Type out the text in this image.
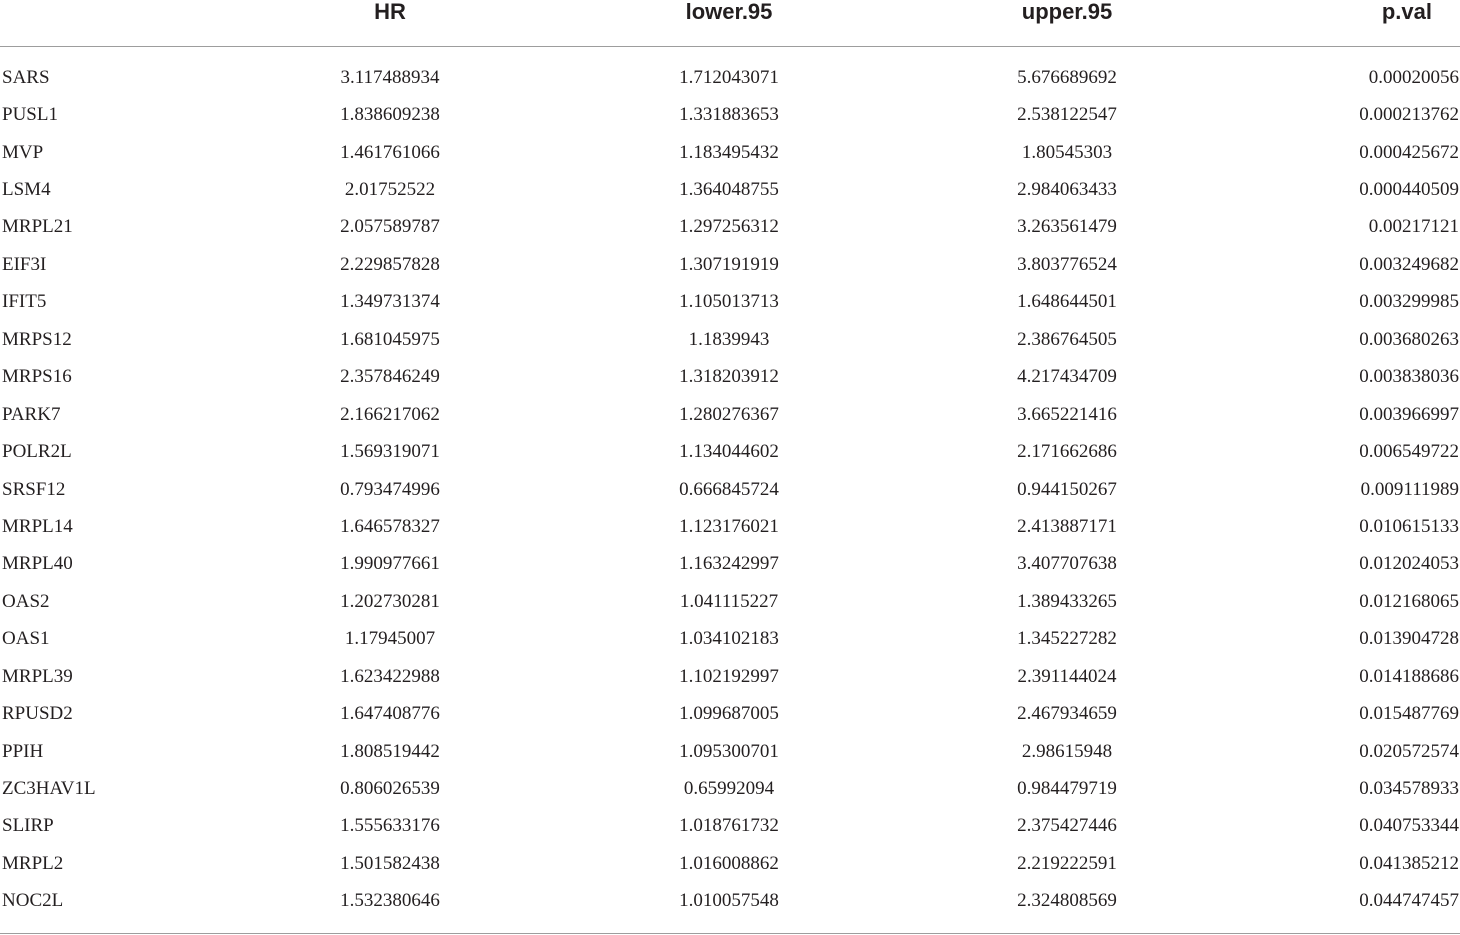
	HR	lower.95	upper.95	p.val
SARS	3.117488934	1.712043071	5.676689692	0.00020056
PUSL1	1.838609238	1.331883653	2.538122547	0.000213762
MVP	1.461761066	1.183495432	1.80545303	0.000425672
LSM4	2.01752522	1.364048755	2.984063433	0.000440509
MRPL21	2.057589787	1.297256312	3.263561479	0.00217121
EIF3I	2.229857828	1.307191919	3.803776524	0.003249682
IFIT5	1.349731374	1.105013713	1.648644501	0.003299985
MRPS12	1.681045975	1.1839943	2.386764505	0.003680263
MRPS16	2.357846249	1.318203912	4.217434709	0.003838036
PARK7	2.166217062	1.280276367	3.665221416	0.003966997
POLR2L	1.569319071	1.134044602	2.171662686	0.006549722
SRSF12	0.793474996	0.666845724	0.944150267	0.009111989
MRPL14	1.646578327	1.123176021	2.413887171	0.010615133
MRPL40	1.990977661	1.163242997	3.407707638	0.012024053
OAS2	1.202730281	1.041115227	1.389433265	0.012168065
OAS1	1.17945007	1.034102183	1.345227282	0.013904728
MRPL39	1.623422988	1.102192997	2.391144024	0.014188686
RPUSD2	1.647408776	1.099687005	2.467934659	0.015487769
PPIH	1.808519442	1.095300701	2.98615948	0.020572574
ZC3HAV1L	0.806026539	0.65992094	0.984479719	0.034578933
SLIRP	1.555633176	1.018761732	2.375427446	0.040753344
MRPL2	1.501582438	1.016008862	2.219222591	0.041385212
NOC2L	1.532380646	1.010057548	2.324808569	0.044747457
